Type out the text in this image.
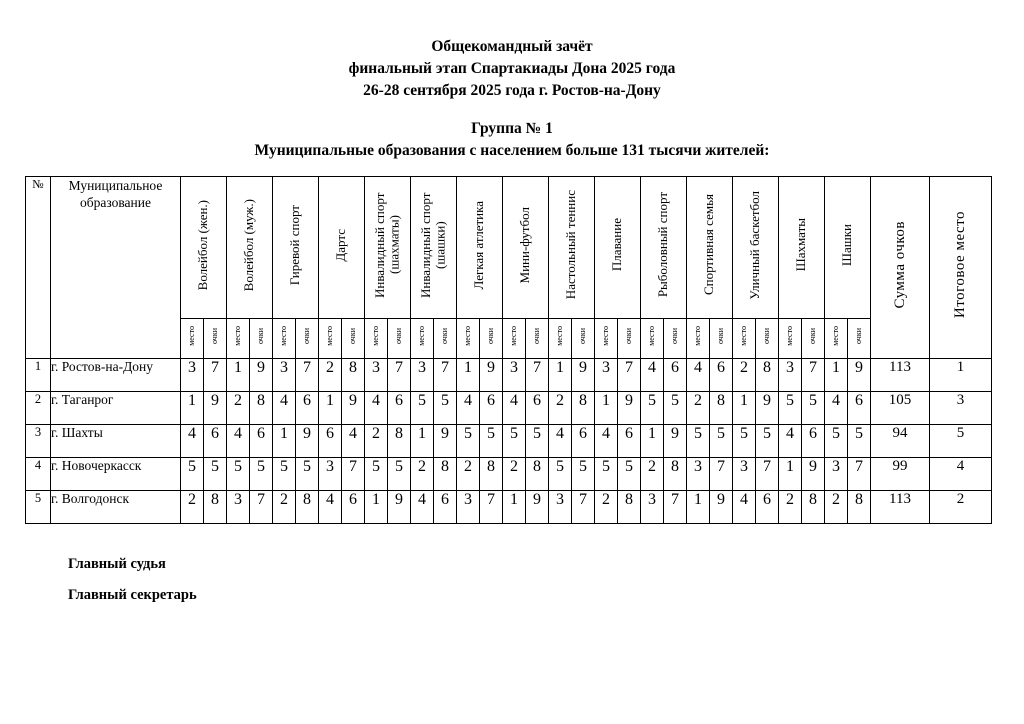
Общекомандный зачёт
финальный этап Спартакиады Дона 2025 года
26-28 сентября 2025 года г. Ростов-на-Дону
Группа № 1
Муниципальные образования с населением больше 131 тысячи жителей:
№	Муниципальное образование	Волейбол (жен.)		Волейбол (муж.)		Гиревой спорт		Дартс		Инвалидный спорт (шахматы)		Инвалидный спорт (шашки)		Легкая атлетика		Мини-футбол		Настольный теннис		Плавание		Рыболовный спорт		Спортивная семья		Уличный баскетбол		Шахматы		Шашки		Сумма очков	Итоговое место
		место	очки	место	очки	место	очки	место	очки	место	очки	место	очки	место	очки	место	очки	место	очки	место	очки	место	очки	место	очки	место	очки	место	очки	место	очки		
1	г. Ростов-на-Дону	3	7	1	9	3	7	2	8	3	7	3	7	1	9	3	7	1	9	3	7	4	6	4	6	2	8	3	7	1	9	113	1
2	г. Таганрог	1	9	2	8	4	6	1	9	4	6	5	5	4	6	4	6	2	8	1	9	5	5	2	8	1	9	5	5	4	6	105	3
3	г. Шахты	4	6	4	6	1	9	6	4	2	8	1	9	5	5	5	5	4	6	4	6	1	9	5	5	5	5	4	6	5	5	94	5
4	г. Новочеркасск	5	5	5	5	5	5	3	7	5	5	2	8	2	8	2	8	5	5	5	5	2	8	3	7	3	7	1	9	3	7	99	4
5	г. Волгодонск	2	8	3	7	2	8	4	6	1	9	4	6	3	7	1	9	3	7	2	8	3	7	1	9	4	6	2	8	2	8	113	2
Главный судья
Главный секретарь
